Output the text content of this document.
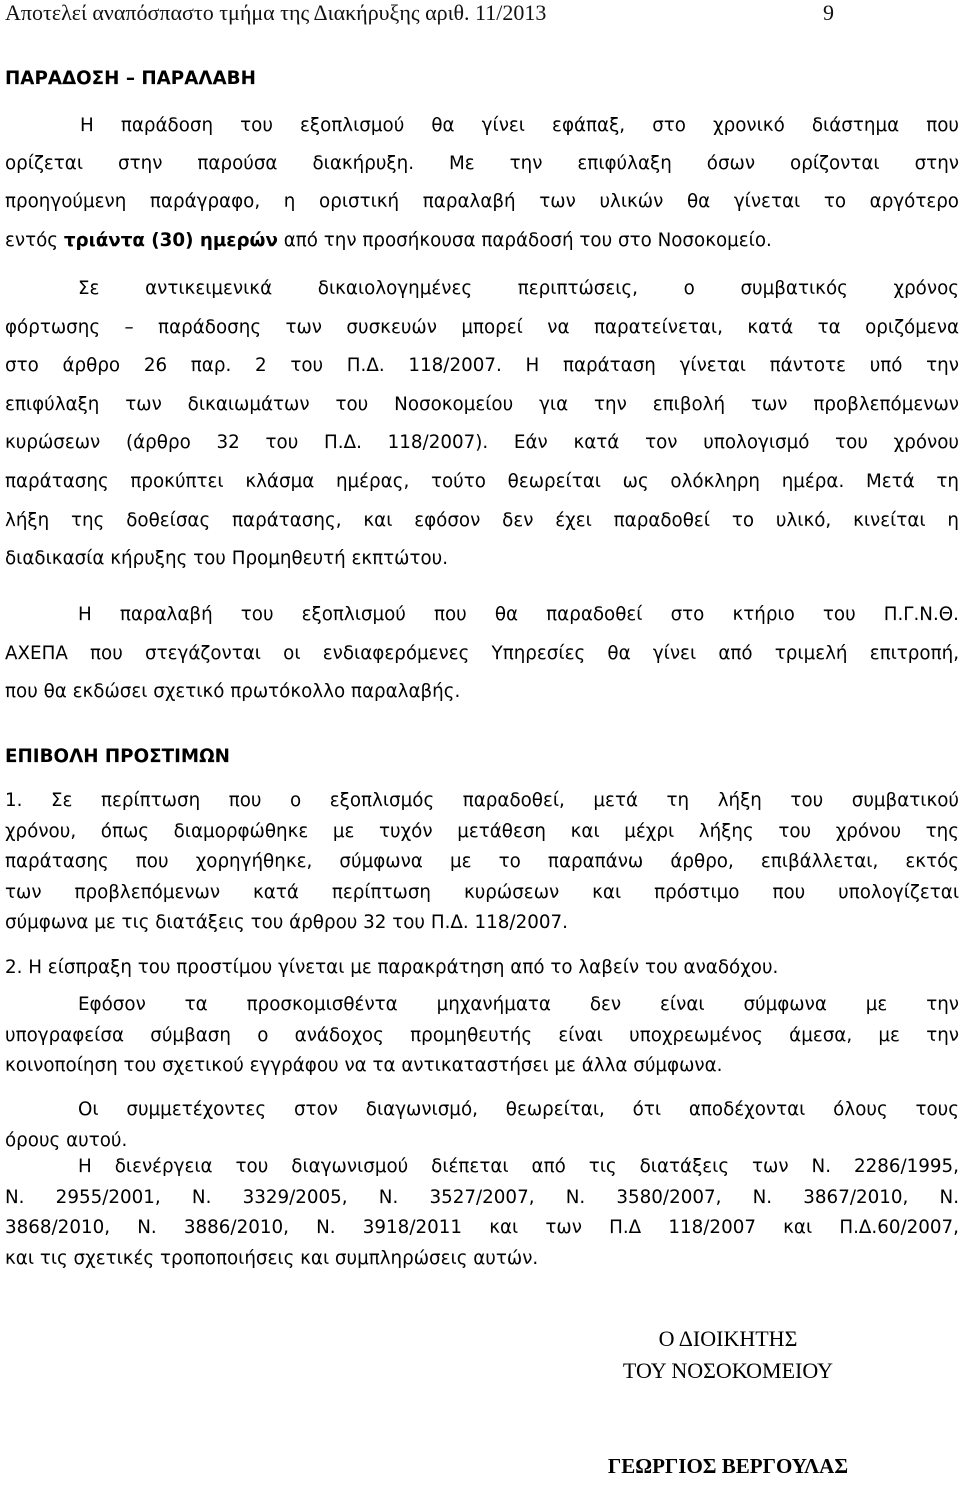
Αποτελεί αναπόσπαστο τμήμα της Διακήρυξης αριθ. 11/2013	9
ΠΑΡΑΔΟΣΗ – ΠΑΡΑΛΑΒΗ
Η παράδοση του εξοπλισμού θα γίνει εφάπαξ, στο χρονικό διάστημα που
ορίζεται στην παρούσα διακήρυξη. Με την επιφύλαξη όσων ορίζονται στην
προηγούμενη παράγραφο, η οριστική παραλαβή των υλικών θα γίνεται το αργότερο
εντός τριάντα (30) ημερών από την προσήκουσα παράδοσή του στο Νοσοκομείο.
Σε αντικειμενικά δικαιολογημένες περιπτώσεις, ο συμβατικός χρόνος
φόρτωσης – παράδοσης των συσκευών μπορεί να παρατείνεται, κατά τα οριζόμενα
στο άρθρο 26 παρ. 2 του Π.Δ. 118/2007. Η παράταση γίνεται πάντοτε υπό την
επιφύλαξη των δικαιωμάτων του Νοσοκομείου για την επιβολή των προβλεπόμενων
κυρώσεων (άρθρο 32 του Π.Δ. 118/2007). Εάν κατά τον υπολογισμό του χρόνου
παράτασης προκύπτει κλάσμα ημέρας, τούτο θεωρείται ως ολόκληρη ημέρα. Μετά τη
λήξη της δοθείσας παράτασης, και εφόσον δεν έχει παραδοθεί το υλικό, κινείται η
διαδικασία κήρυξης του Προμηθευτή εκπτώτου.
Η παραλαβή του εξοπλισμού που θα παραδοθεί στο κτήριο του Π.Γ.Ν.Θ.
ΑΧΕΠΑ που στεγάζονται οι ενδιαφερόμενες Υπηρεσίες θα γίνει από τριμελή επιτροπή,
που θα εκδώσει σχετικό πρωτόκολλο παραλαβής.
ΕΠΙΒΟΛΗ ΠΡΟΣΤΙΜΩΝ
1. Σε περίπτωση που ο εξοπλισμός παραδοθεί, μετά τη λήξη του συμβατικού
χρόνου, όπως διαμορφώθηκε με τυχόν μετάθεση και μέχρι λήξης του χρόνου της
παράτασης που χορηγήθηκε, σύμφωνα με το παραπάνω άρθρο, επιβάλλεται, εκτός
των προβλεπόμενων κατά περίπτωση κυρώσεων και πρόστιμο που υπολογίζεται
σύμφωνα με τις διατάξεις του άρθρου 32 του Π.Δ. 118/2007.
2. Η είσπραξη του προστίμου γίνεται με παρακράτηση από το λαβείν του αναδόχου.
Εφόσον τα προσκομισθέντα μηχανήματα δεν είναι σύμφωνα με την
υπογραφείσα σύμβαση ο ανάδοχος προμηθευτής είναι υποχρεωμένος άμεσα, με την
κοινοποίηση του σχετικού εγγράφου να τα αντικαταστήσει με άλλα σύμφωνα.
Οι συμμετέχοντες στον διαγωνισμό, θεωρείται, ότι αποδέχονται όλους τους
όρους αυτού.
Η διενέργεια του διαγωνισμού διέπεται από τις διατάξεις των Ν. 2286/1995,
Ν. 2955/2001, Ν. 3329/2005, Ν. 3527/2007, Ν. 3580/2007, Ν. 3867/2010, Ν.
3868/2010, Ν. 3886/2010, Ν. 3918/2011 και των Π.Δ 118/2007 και Π.Δ.60/2007,
και τις σχετικές τροποποιήσεις και συμπληρώσεις αυτών.
Ο ΔΙΟΙΚΗΤΗΣ
ΤΟΥ ΝΟΣΟΚΟΜΕΙΟΥ
ΓΕΩΡΓΙΟΣ ΒΕΡΓΟΥΛΑΣ
